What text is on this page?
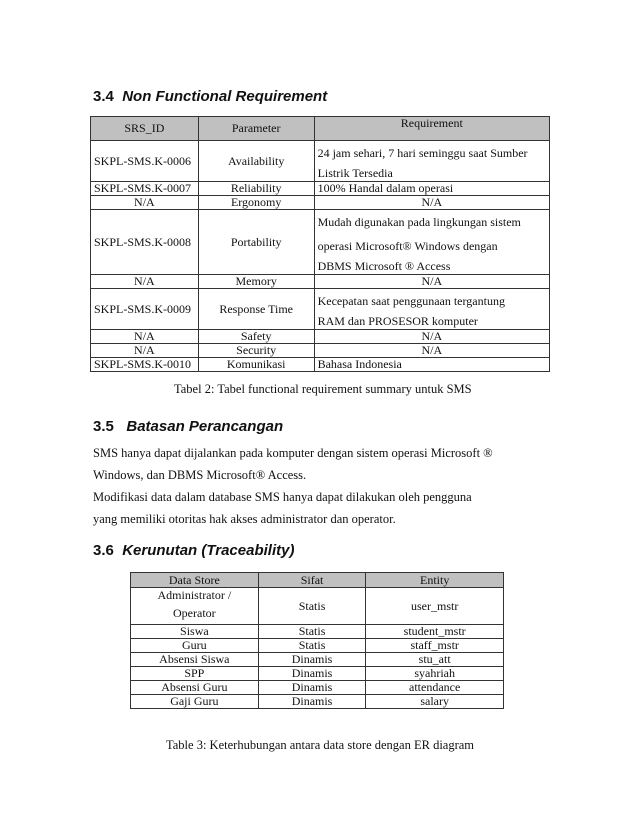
3.4 Non Functional Requirement
SRS_ID	Parameter	Requirement
SKPL-SMS.K-0006	Availability	24 jam sehari, 7 hari seminggu saat Sumber
Listrik Tersedia

SKPL-SMS.K-0007	Reliability	100% Handal dalam operasi

N/A	Ergonomy	N/A

SKPL-SMS.K-0008	Portability	Mudah digunakan pada lingkungan sistem
operasi Microsoft® Windows dengan
DBMS Microsoft ® Access

N/A	Memory	N/A

SKPL-SMS.K-0009	Response Time	Kecepatan saat penggunaan tergantung
RAM dan PROSESOR komputer

N/A	Safety	N/A

N/A	Security	N/A

SKPL-SMS.K-0010	Komunikasi	Bahasa Indonesia
Tabel 2: Tabel functional requirement summary untuk SMS
3.5 Batasan Perancangan
SMS hanya dapat dijalankan pada komputer dengan sistem operasi Microsoft ®
Windows, dan DBMS Microsoft® Access.
Modifikasi data dalam database SMS hanya dapat dilakukan oleh pengguna
yang memiliki otoritas hak akses administrator dan operator.
3.6 Kerunutan (Traceability)
Data Store	Sifat	Entity

Administrator /
Operator	Statis	user_mstr

Siswa	Statis	student_mstr

Guru	Statis	staff_mstr

Absensi Siswa	Dinamis	stu_att

SPP	Dinamis	syahriah

Absensi Guru	Dinamis	attendance

Gaji Guru	Dinamis	salary
Table 3: Keterhubungan antara data store dengan ER diagram
